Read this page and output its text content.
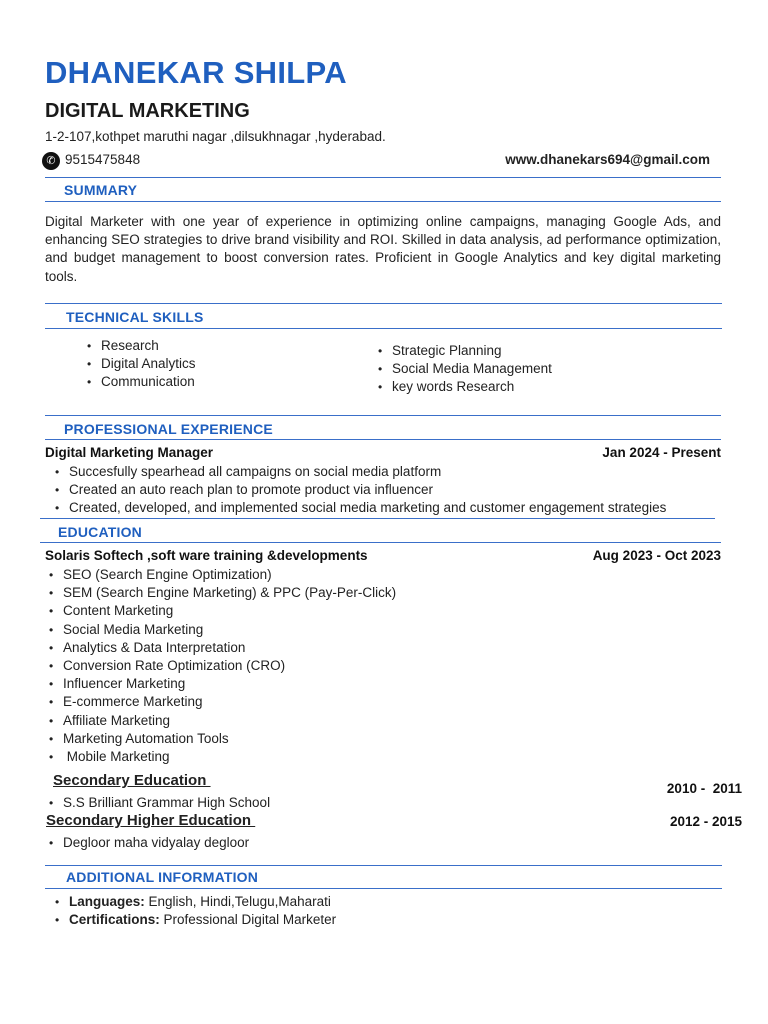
DHANEKAR SHILPA
DIGITAL MARKETING
1-2-107,kothpet maruthi nagar ,dilsukhnagar ,hyderabad.
✆ 9515475848	www.dhanekars694@gmail.com
SUMMARY
Digital Marketer with one year of experience in optimizing online campaigns, managing Google Ads, and enhancing SEO strategies to drive brand visibility and ROI. Skilled in data analysis, ad performance optimization, and budget management to boost conversion rates. Proficient in Google Analytics and key digital marketing tools.
TECHNICAL SKILLS
• Research
• Digital Analytics
• Communication
• Strategic Planning
• Social Media Management
• key words Research
PROFESSIONAL EXPERIENCE
Digital Marketing Manager	Jan 2024 - Present
• Succesfully spearhead all campaigns on social media platform
• Created an auto reach plan to promote product via influencer
• Created, developed, and implemented social media marketing and customer engagement strategies
EDUCATION
Solaris Softech ,soft ware training &developments	Aug 2023 - Oct 2023
• SEO (Search Engine Optimization)
• SEM (Search Engine Marketing) & PPC (Pay-Per-Click)
• Content Marketing
• Social Media Marketing
• Analytics & Data Interpretation
• Conversion Rate Optimization (CRO)
• Influencer Marketing
• E-commerce Marketing
• Affiliate Marketing
• Marketing Automation Tools
•  Mobile Marketing
Secondary Education	2010 -  2011
• S.S Brilliant Grammar High School
Secondary Higher Education	2012 - 2015
• Degloor maha vidyalay degloor
ADDITIONAL INFORMATION
• Languages: English, Hindi,Telugu,Maharati
• Certifications: Professional Digital Marketer
